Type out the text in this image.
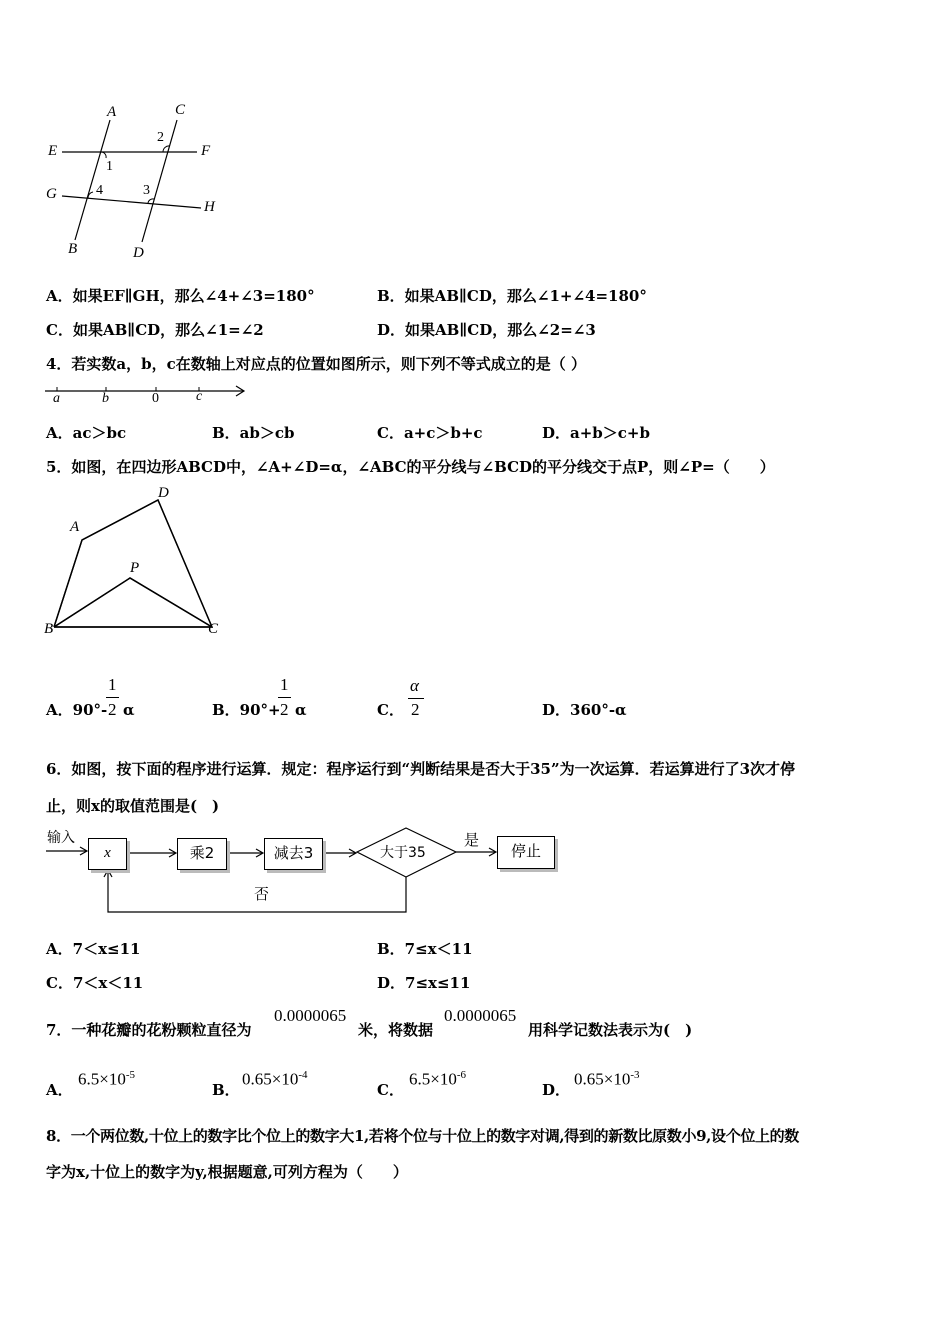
A	C
E	F
G
H
B	D
1
2
3
4
A．如果EF∥GH，那么∠4+∠3=180°	B．如果AB∥CD，那么∠1+∠4=180°
C．如果AB∥CD，那么∠1=∠2	D．如果AB∥CD，那么∠2=∠3
4．若实数a，b，c在数轴上对应点的位置如图所示，则下列不等式成立的是（ ）
a	b	0	c
A．ac＞bc	B．ab＞cb	C．a+c＞b+c	D．a+b＞c+b
5．如图，在四边形ABCD中，∠A+∠D=α，∠ABC的平分线与∠BCD的平分线交于点P，则∠P=（　　）
A
D
P
B	C
A．90°-
1
2 α	B．90°+
1
2 α	C．
α
2	D．360°-α
6．如图，按下面的程序进行运算．规定：程序运行到“判断结果是否大于35”为一次运算．若运算进行了3次才停
止，则x的取值范围是(　)
输入
x	乘2	减去3	大于35
是
停止
否
A．7＜x≤11	B．7≤x＜11
C．7＜x＜11	D．7≤x≤11
7．一种花瓣的花粉颗粒直径为
0.0000065
米，将数据
0.0000065
用科学记数法表示为(　)
A．
$6.5\times 10^{-5}$
B．
$0.65\times 10^{-4}$
C．
$6.5\times 10^{-6}$
D．
$0.65\times 10^{-3}$
8．一个两位数,十位上的数字比个位上的数字大1,若将个位与十位上的数字对调,得到的新数比原数小9,设个位上的数
字为x,十位上的数字为y,根据题意,可列方程为（　　）
